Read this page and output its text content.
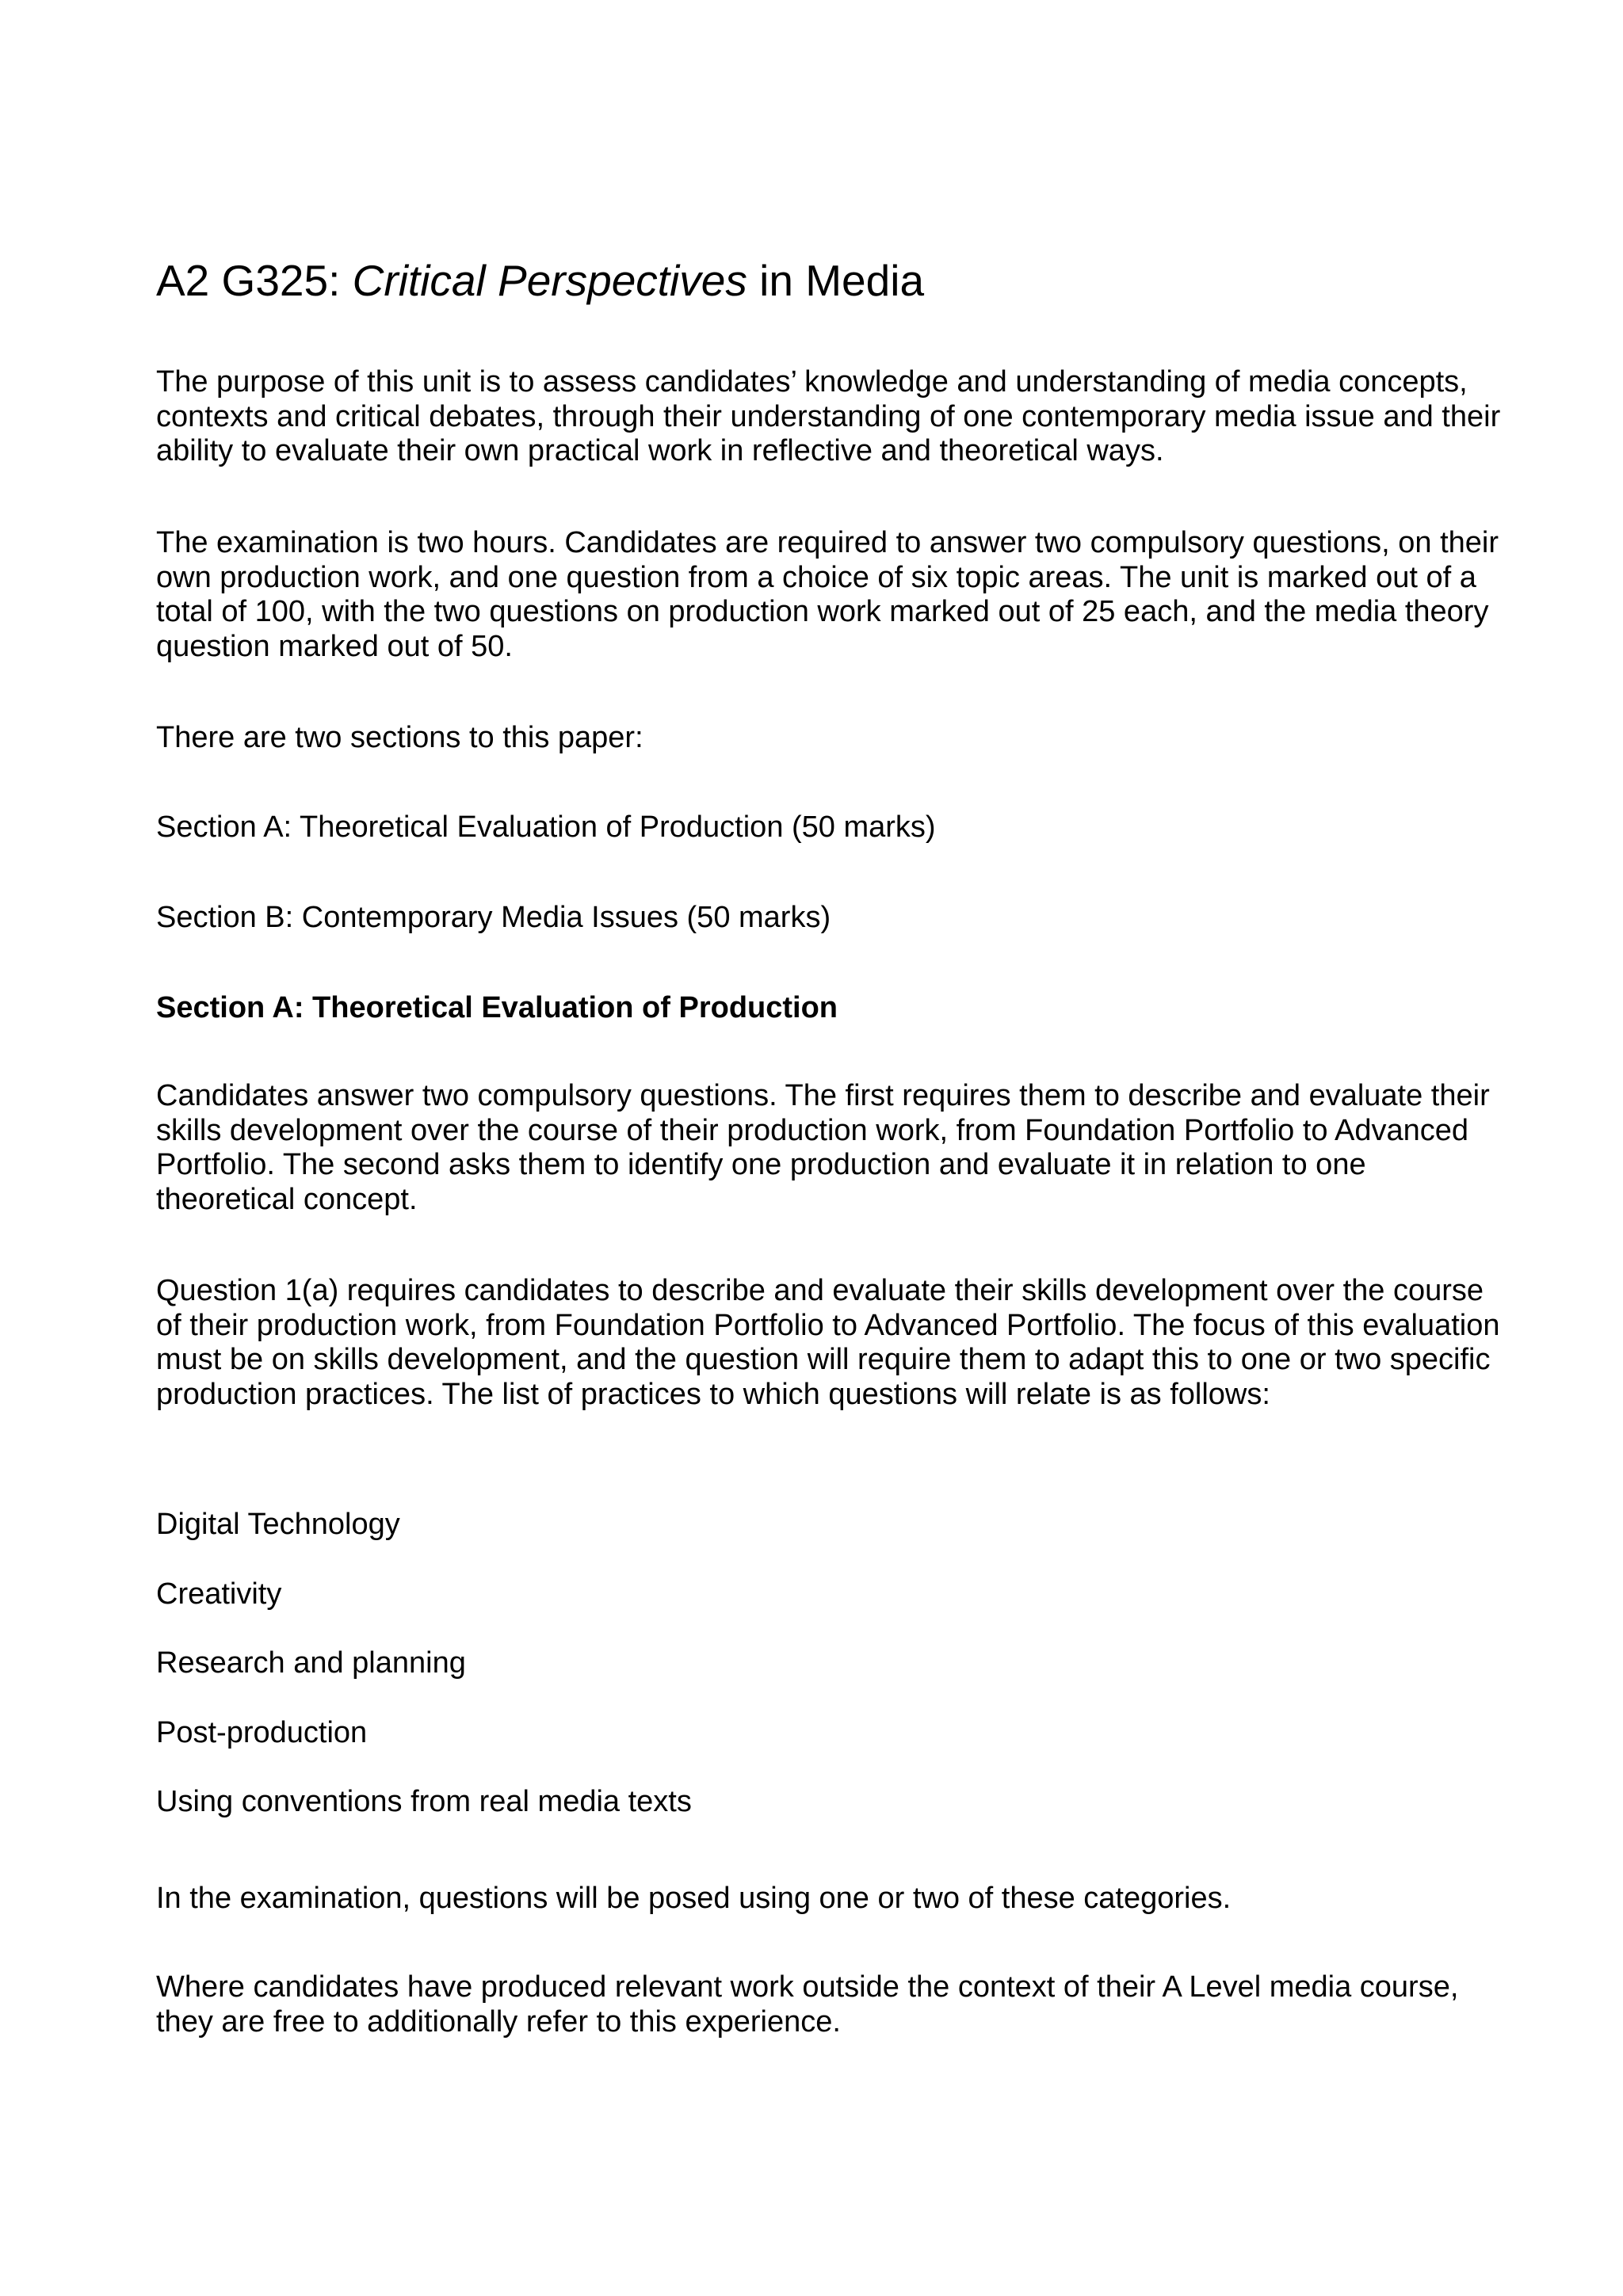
A2 G325: Critical Perspectives in Media

The purpose of this unit is to assess candidates’ knowledge and understanding of media concepts, contexts and critical debates, through their understanding of one contemporary media issue and their ability to evaluate their own practical work in reflective and theoretical ways.

The examination is two hours. Candidates are required to answer two compulsory questions, on their own production work, and one question from a choice of six topic areas. The unit is marked out of a total of 100, with the two questions on production work marked out of 25 each, and the media theory question marked out of 50.

There are two sections to this paper:

Section A: Theoretical Evaluation of Production (50 marks)

Section B: Contemporary Media Issues (50 marks)

Section A: Theoretical Evaluation of Production

Candidates answer two compulsory questions. The first requires them to describe and evaluate their skills development over the course of their production work, from Foundation Portfolio to Advanced Portfolio. The second asks them to identify one production and evaluate it in relation to one theoretical concept.

Question 1(a) requires candidates to describe and evaluate their skills development over the course of their production work, from Foundation Portfolio to Advanced Portfolio. The focus of this evaluation must be on skills development, and the question will require them to adapt this to one or two specific production practices. The list of practices to which questions will relate is as follows:

Digital Technology

Creativity

Research and planning

Post-production

Using conventions from real media texts

In the examination, questions will be posed using one or two of these categories.

Where candidates have produced relevant work outside the context of their A Level media course, they are free to additionally refer to this experience.
